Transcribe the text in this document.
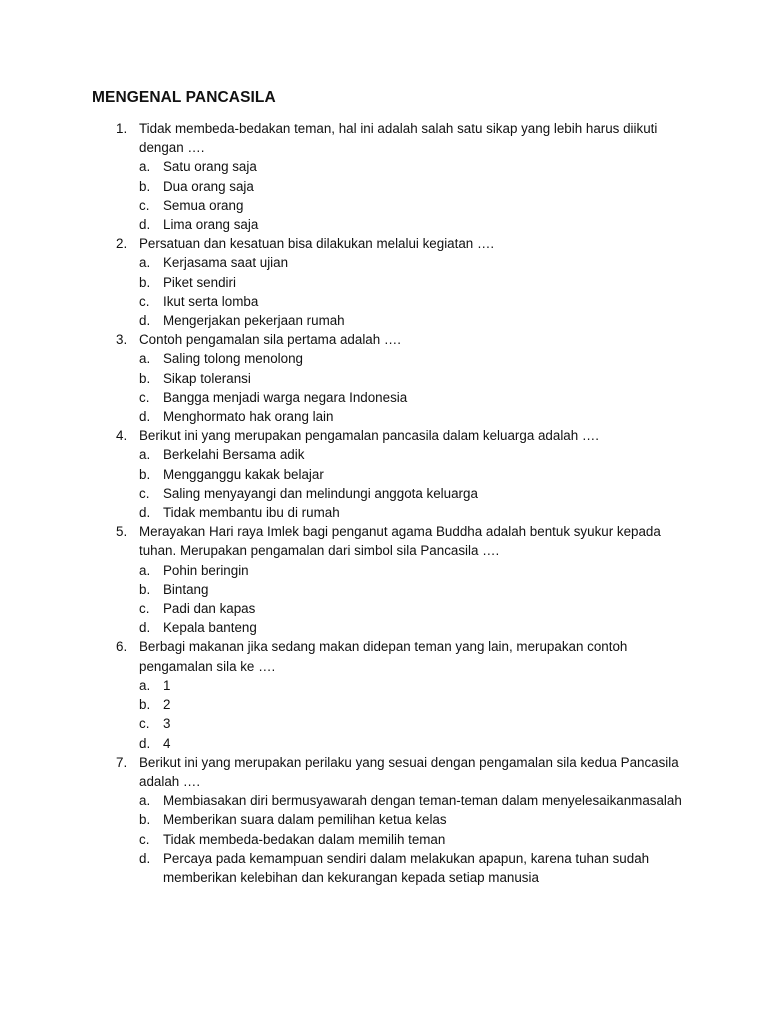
MENGENAL PANCASILA
1. Tidak membeda-bedakan teman, hal ini adalah salah satu sikap yang lebih harus diikuti dengan ….
a. Satu orang saja
b. Dua orang saja
c. Semua orang
d. Lima orang saja
2. Persatuan dan kesatuan bisa dilakukan melalui kegiatan ….
a. Kerjasama saat ujian
b. Piket sendiri
c. Ikut serta lomba
d. Mengerjakan pekerjaan rumah
3. Contoh pengamalan sila pertama adalah ….
a. Saling tolong menolong
b. Sikap toleransi
c. Bangga menjadi warga negara Indonesia
d. Menghormato hak orang lain
4. Berikut ini yang merupakan pengamalan pancasila dalam keluarga adalah ….
a. Berkelahi Bersama adik
b. Mengganggu kakak belajar
c. Saling menyayangi dan melindungi anggota keluarga
d. Tidak membantu ibu di rumah
5. Merayakan Hari raya Imlek bagi penganut agama Buddha adalah bentuk syukur kepada tuhan. Merupakan pengamalan dari simbol sila Pancasila ….
a. Pohin beringin
b. Bintang
c. Padi dan kapas
d. Kepala banteng
6. Berbagi makanan jika sedang makan didepan teman yang lain, merupakan contoh pengamalan sila ke ….
a. 1
b. 2
c. 3
d. 4
7. Berikut ini yang merupakan perilaku yang sesuai dengan pengamalan sila kedua Pancasila adalah ….
a. Membiasakan diri bermusyawarah dengan teman-teman dalam menyelesaikanmasalah
b. Memberikan suara dalam pemilihan ketua kelas
c. Tidak membeda-bedakan dalam memilih teman
d. Percaya pada kemampuan sendiri dalam melakukan apapun, karena tuhan sudah memberikan kelebihan dan kekurangan kepada setiap manusia
